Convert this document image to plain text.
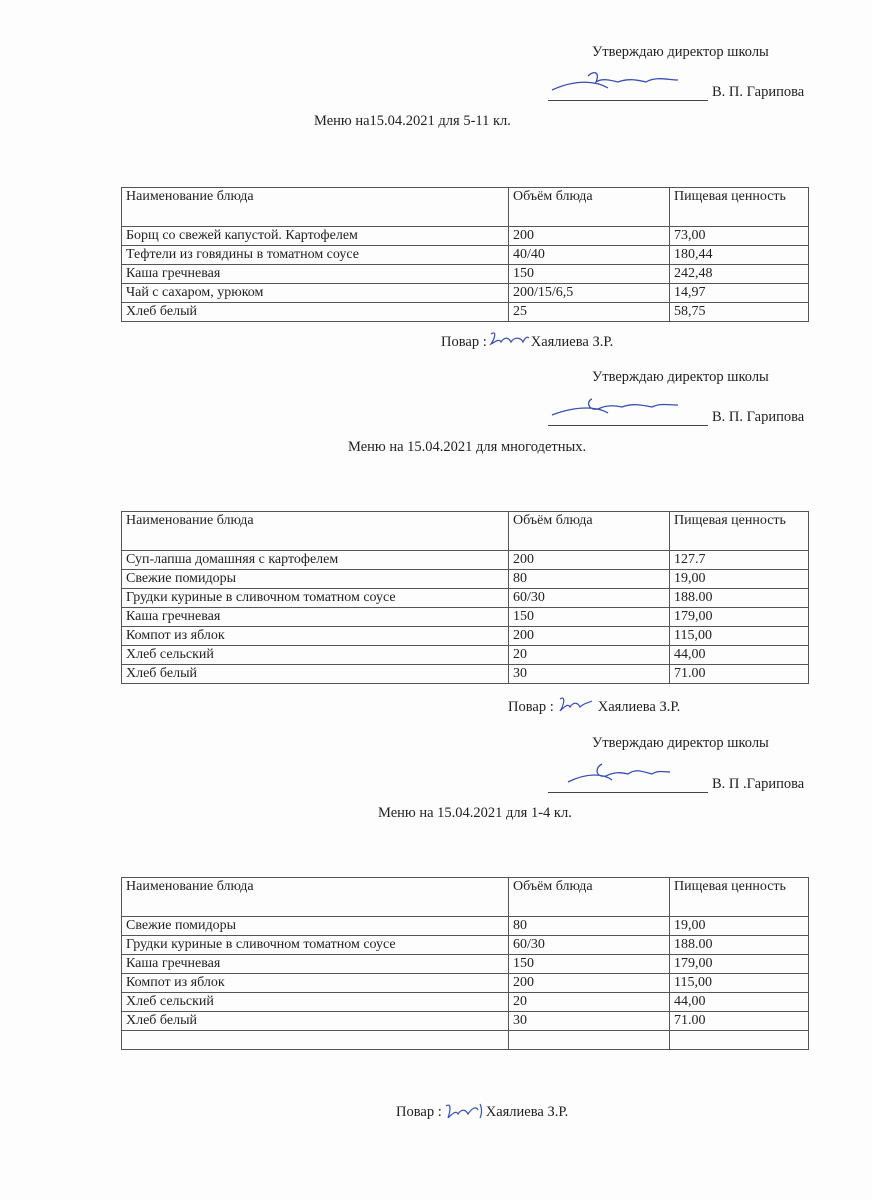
Утверждаю директор школы
В. П. Гарипова
Меню на15.04.2021 для 5-11 кл.
Наименование блюда	Объём блюда	Пищевая ценность
Борщ со свежей капустой. Картофелем	200	73,00
Тефтели из говядины в томатном соусе	40/40	180,44
Каша гречневая	150	242,48
Чай с сахаром, урюком	200/15/6,5	14,97
Хлеб белый	25	58,75
Повар :	Хаялиева З.Р.
Утверждаю директор школы
В. П. Гарипова
Меню на 15.04.2021 для многодетных.
Наименование блюда	Объём блюда	Пищевая ценность
Суп-лапша домашняя с картофелем	200	127.7
Свежие помидоры	80	19,00
Грудки куриные в сливочном томатном соусе	60/30	188.00
Каша гречневая	150	179,00
Компот из яблок	200	115,00
Хлеб сельский	20	44,00
Хлеб белый	30	71.00
Повар :	Хаялиева З.Р.
Утверждаю директор школы
В. П .Гарипова
Меню на 15.04.2021 для 1-4 кл.
Наименование блюда	Объём блюда	Пищевая ценность
Свежие помидоры	80	19,00
Грудки куриные в сливочном томатном соусе	60/30	188.00
Каша гречневая	150	179,00
Компот из яблок	200	115,00
Хлеб сельский	20	44,00
Хлеб белый	30	71.00

Повар :	Хаялиева З.Р.
